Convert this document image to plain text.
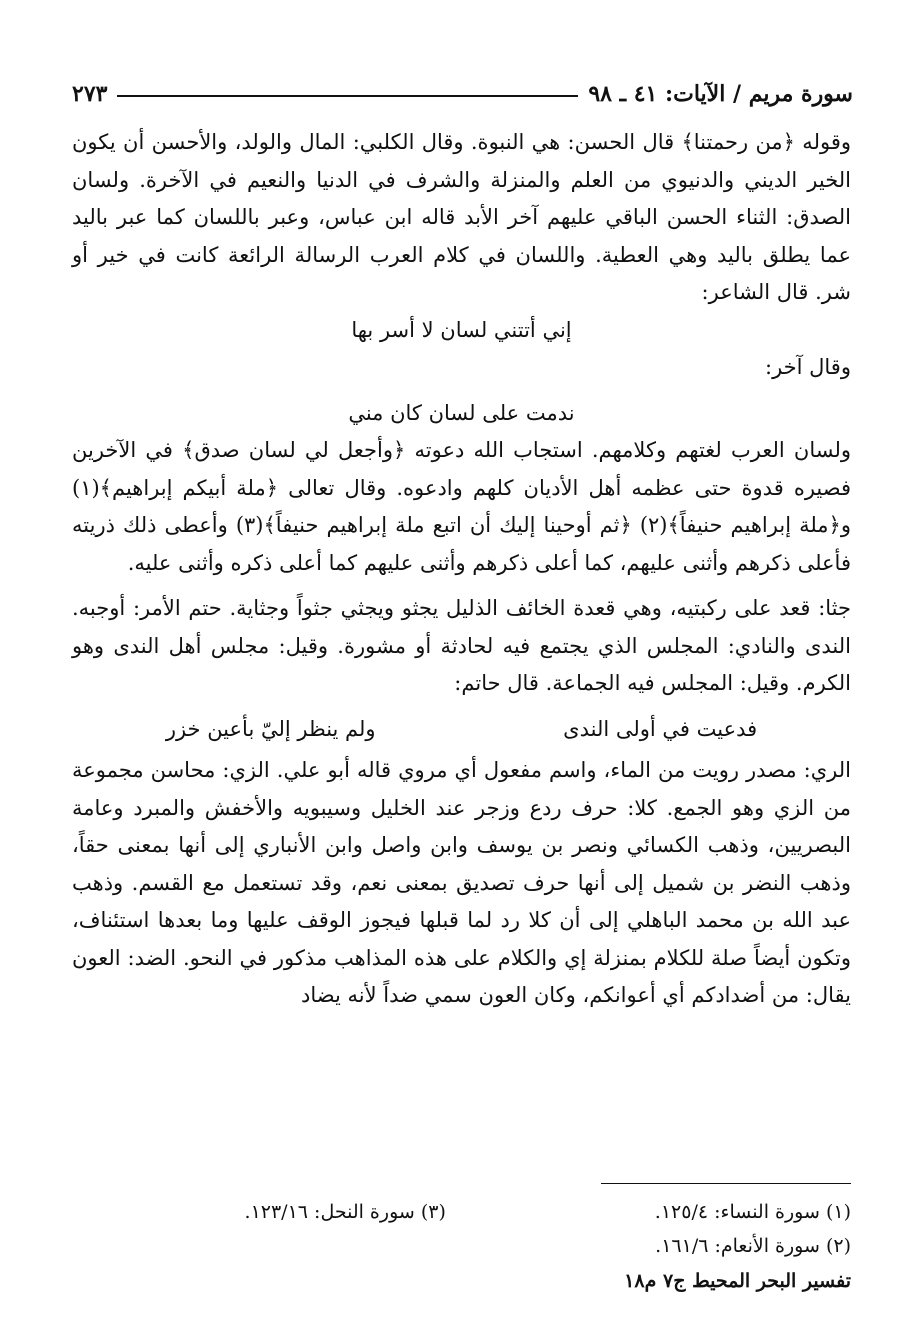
سورة مريم / الآيات: ٤١ ـ ٩٨
٢٧٣

وقوله ﴿من رحمتنا﴾ قال الحسن: هي النبوة. وقال الكلبي: المال والولد، والأحسن أن يكون الخير الديني والدنيوي من العلم والمنزلة والشرف في الدنيا والنعيم في الآخرة. ولسان الصدق: الثناء الحسن الباقي عليهم آخر الأبد قاله ابن عباس، وعبر باللسان كما عبر باليد عما يطلق باليد وهي العطية. واللسان في كلام العرب الرسالة الرائعة كانت في خير أو شر. قال الشاعر:

إني أتتني لسان لا أسر بها

وقال آخر:

ندمت على لسان كان مني

ولسان العرب لغتهم وكلامهم. استجاب الله دعوته ﴿وأجعل لي لسان صدق﴾ في الآخرين فصيره قدوة حتى عظمه أهل الأديان كلهم وادعوه. وقال تعالى ﴿ملة أبيكم إبراهيم﴾(١) و﴿ملة إبراهيم حنيفاً﴾(٢) ﴿ثم أوحينا إليك أن اتبع ملة إبراهيم حنيفاً﴾(٣) وأعطى ذلك ذريته فأعلى ذكرهم وأثنى عليهم، كما أعلى ذكرهم وأثنى عليهم كما أعلى ذكره وأثنى عليه.

جثا: قعد على ركبتيه، وهي قعدة الخائف الذليل يجثو ويجثي جثواً وجثاية. حتم الأمر: أوجبه. الندى والنادي: المجلس الذي يجتمع فيه لحادثة أو مشورة. وقيل: مجلس أهل الندى وهو الكرم. وقيل: المجلس فيه الجماعة. قال حاتم:

فدعيت في أولى الندى
ولم ينظر إليّ بأعين خزر

الري: مصدر رويت من الماء، واسم مفعول أي مروي قاله أبو علي. الزي: محاسن مجموعة من الزي وهو الجمع. كلا: حرف ردع وزجر عند الخليل وسيبويه والأخفش والمبرد وعامة البصريين، وذهب الكسائي ونصر بن يوسف وابن واصل وابن الأنباري إلى أنها بمعنى حقاً، وذهب النضر بن شميل إلى أنها حرف تصديق بمعنى نعم، وقد تستعمل مع القسم. وذهب عبد الله بن محمد الباهلي إلى أن كلا رد لما قبلها فيجوز الوقف عليها وما بعدها استئناف، وتكون أيضاً صلة للكلام بمنزلة إي والكلام على هذه المذاهب مذكور في النحو. الضد: العون يقال: من أضدادكم أي أعوانكم، وكان العون سمي ضداً لأنه يضاد

(١) سورة النساء: ١٢٥/٤.
(٣) سورة النحل: ١٢٣/١٦.
(٢) سورة الأنعام: ١٦١/٦.
تفسير البحر المحيط ج٧ م١٨
